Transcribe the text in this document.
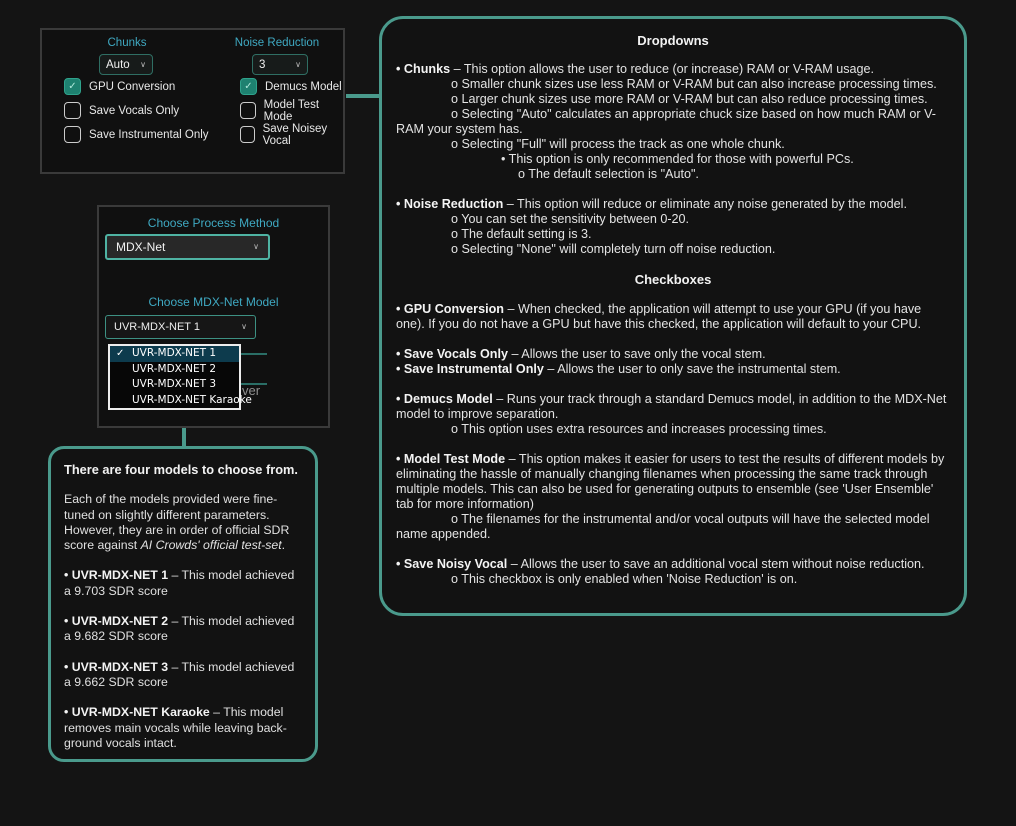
Chunks	Noise Reduction
Auto ∨	3	∨
✓ GPU Conversion	✓ Demucs Model
Save Vocals Only	Model Test Mode
Save Instrumental Only	Save Noisey Vocal
Dropdowns

• Chunks – This option allows the user to reduce (or increase) RAM or V-RAM usage.

o Smaller chunk sizes use less RAM or V-RAM but can also increase processing times.

o Larger chunk sizes use more RAM or V-RAM but can also reduce processing times.

o Selecting "Auto" calculates an appropriate chuck size based on how much RAM or V-RAM your system has.

o Selecting "Full" will process the track as one whole chunk.

• This option is only recommended for those with powerful PCs.

o The default selection is "Auto".

• Noise Reduction – This option will reduce or eliminate any noise generated by the model.

o You can set the sensitivity between 0-20.

o The default setting is 3.

o Selecting "None" will completely turn off noise reduction.

Checkboxes

• GPU Conversion – When checked, the application will attempt to use your GPU (if you have one). If you do not have a GPU but have this checked, the application will default to your CPU.

• Save Vocals Only – Allows the user to save only the vocal stem.

• Save Instrumental Only – Allows the user to only save the instrumental stem.

• Demucs Model – Runs your track through a standard Demucs model, in addition to the MDX-Net model to improve separation.

o This option uses extra resources and increases processing times.

• Model Test Mode – This option makes it easier for users to test the results of different models by eliminating the hassle of manually changing filenames when processing the same track through multiple models. This can also be used for generating outputs to ensemble (see 'User Ensemble' tab for more information)

o The filenames for the instrumental and/or vocal outputs will have the selected model name appended.

• Save Noisy Vocal – Allows the user to save an additional vocal stem without noise reduction.

o This checkbox is only enabled when 'Noise Reduction' is on.

Choose Process Method
MDX-Net	∨
Choose MDX-Net Model
UVR-MDX-NET 1	∨
ver
✓ UVR-MDX-NET 1
UVR-MDX-NET 2
UVR-MDX-NET 3
UVR-MDX-NET Karaoke

There are four models to choose from.

Each of the models provided were fine-tuned on slightly different parameters. However, they are in order of official SDR score against AI Crowds' official test-set.

• UVR-MDX-NET 1 – This model achieved a 9.703 SDR score

• UVR-MDX-NET 2 – This model achieved a 9.682 SDR score

• UVR-MDX-NET 3 – This model achieved a 9.662 SDR score

• UVR-MDX-NET Karaoke – This model removes main vocals while leaving back-ground vocals intact.
